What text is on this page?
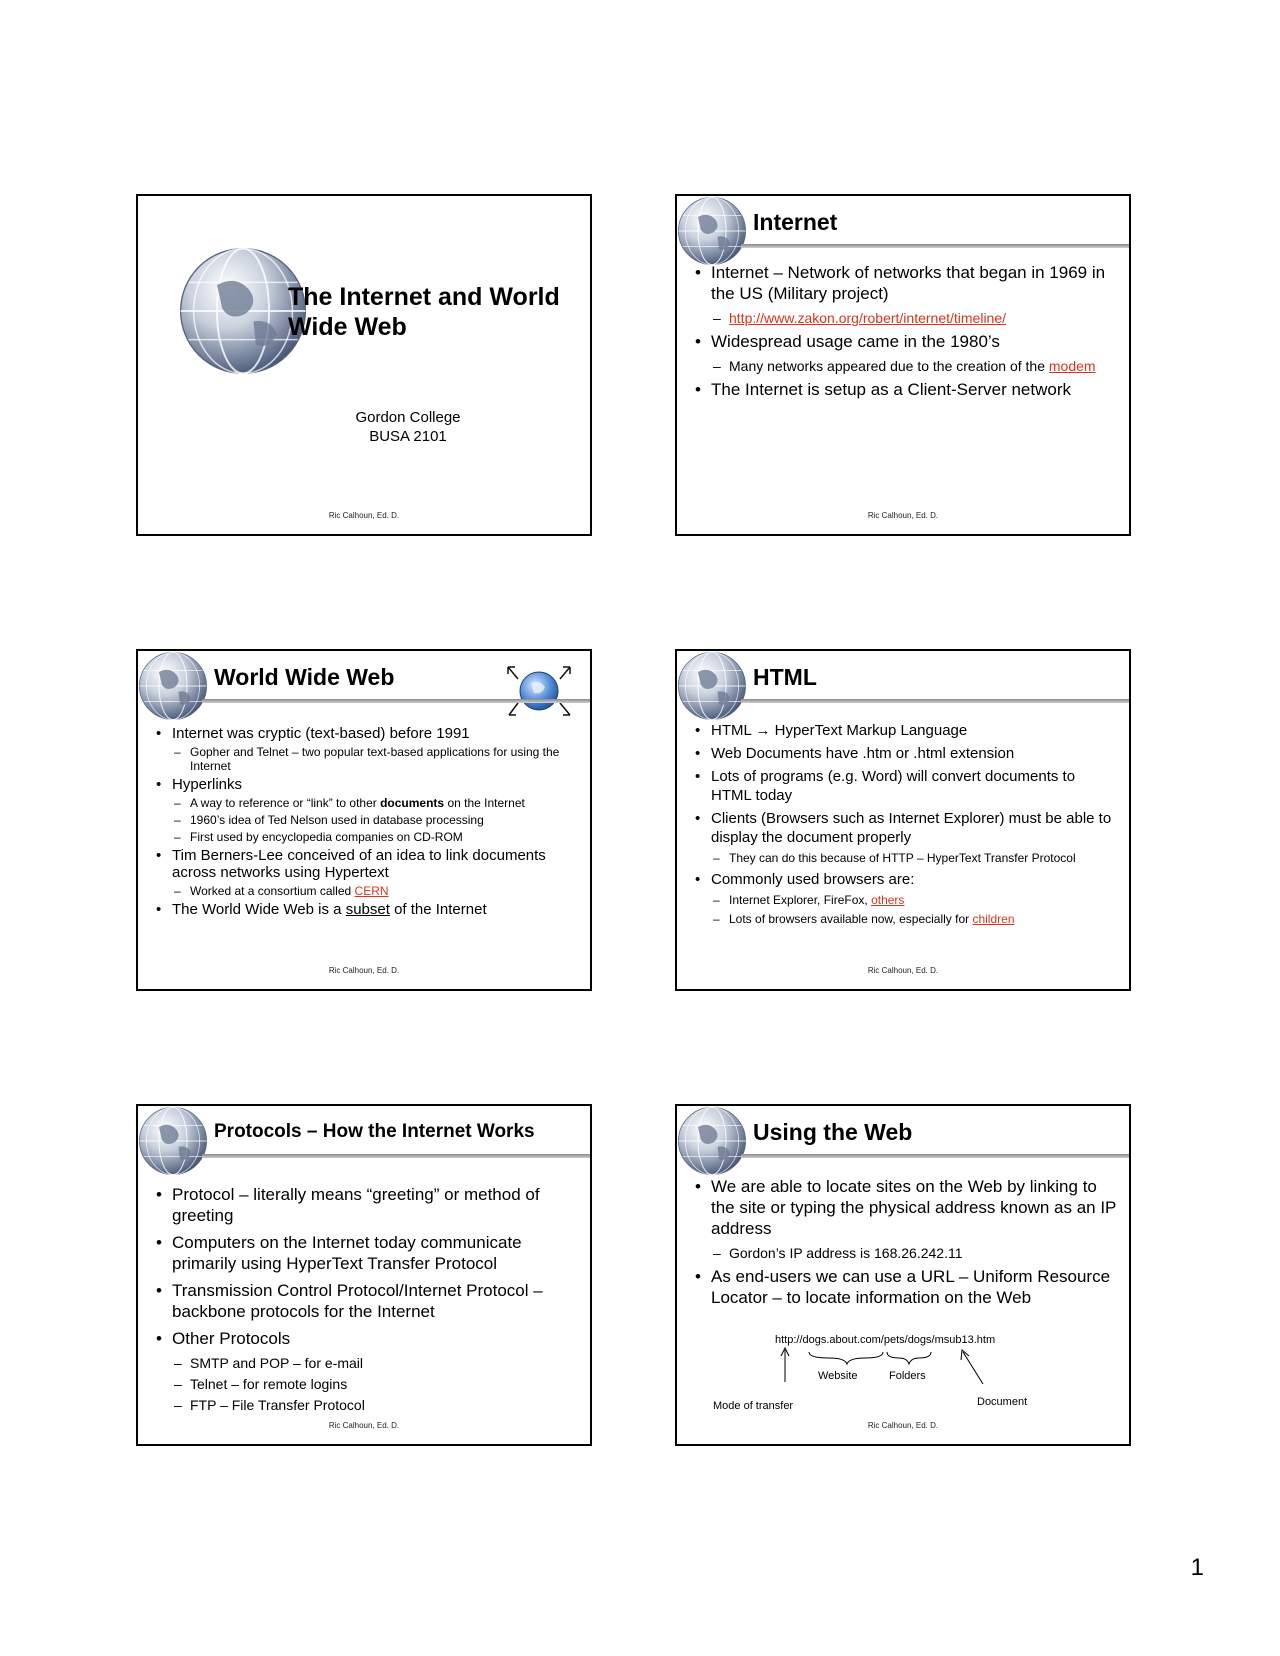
The Internet and World
Wide Web
Gordon College
BUSA 2101
Ric Calhoun, Ed. D.
Internet
• Internet – Network of networks that began in 1969 in the US (Military project)
– http://www.zakon.org/robert/internet/timeline/
• Widespread usage came in the 1980’s
– Many networks appeared due to the creation of the modem
• The Internet is setup as a Client-Server network
Ric Calhoun, Ed. D.
World Wide Web
• Internet was cryptic (text-based) before 1991
– Gopher and Telnet – two popular text-based applications for using the Internet
• Hyperlinks
– A way to reference or “link” to other documents on the Internet
– 1960’s idea of Ted Nelson used in database processing
– First used by encyclopedia companies on CD-ROM
• Tim Berners-Lee conceived of an idea to link documents across networks using Hypertext
– Worked at a consortium called CERN
• The World Wide Web is a subset of the Internet
Ric Calhoun, Ed. D.
HTML
• HTML → HyperText Markup Language
• Web Documents have .htm or .html extension
• Lots of programs (e.g. Word) will convert documents to HTML today
• Clients (Browsers such as Internet Explorer) must be able to display the document properly
– They can do this because of HTTP – HyperText Transfer Protocol
• Commonly used browsers are:
– Internet Explorer, FireFox, others
– Lots of browsers available now, especially for children
Ric Calhoun, Ed. D.
Protocols – How the Internet Works
• Protocol – literally means “greeting” or method of greeting
• Computers on the Internet today communicate primarily using HyperText Transfer Protocol
• Transmission Control Protocol/Internet Protocol – backbone protocols for the Internet
• Other Protocols
– SMTP and POP – for e-mail
– Telnet – for remote logins
– FTP – File Transfer Protocol
Ric Calhoun, Ed. D.
Using the Web
• We are able to locate sites on the Web by linking to the site or typing the physical address known as an IP address
– Gordon’s IP address is 168.26.242.11
• As end-users we can use a URL – Uniform Resource Locator – to locate information on the Web
http://dogs.about.com/pets/dogs/msub13.htm
Website	Folders
Mode of transfer	Document
Ric Calhoun, Ed. D.
1
